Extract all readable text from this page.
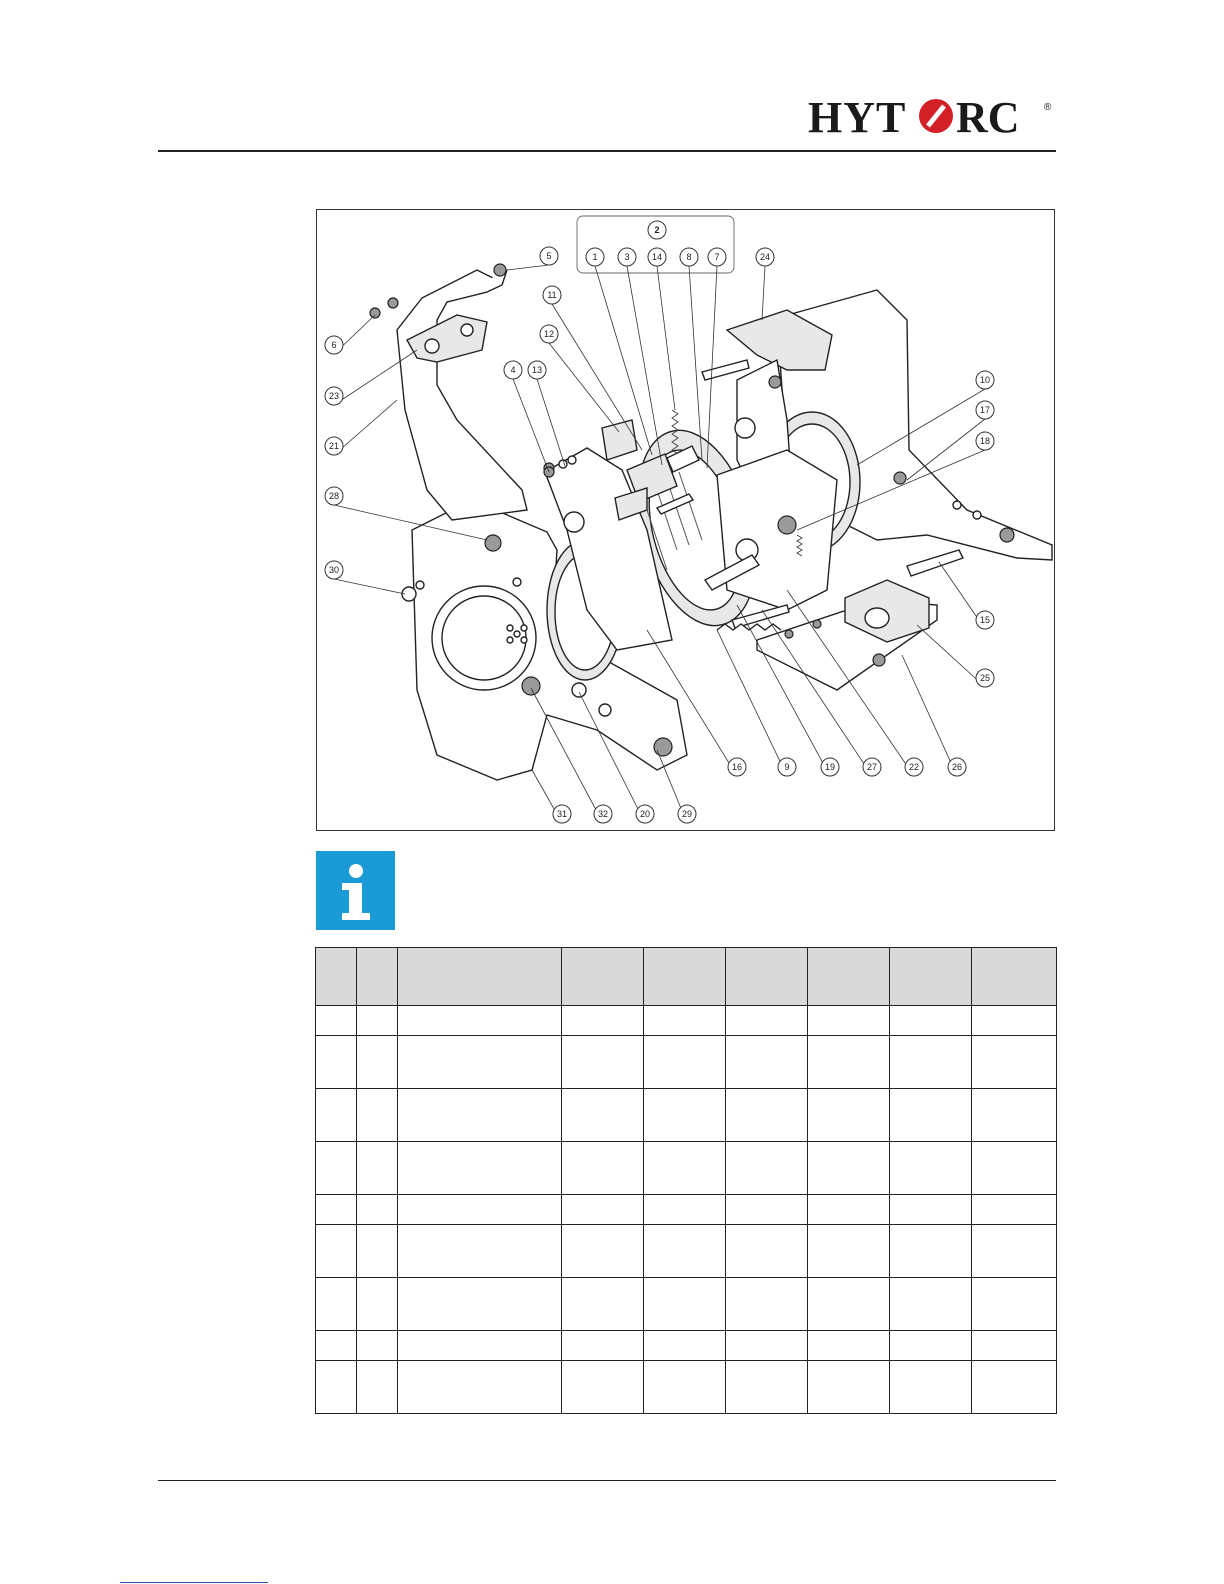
HYT RC ®
2
1	3 14	8	7
5
6
23
21
24
11
12
4 13
10
17
18
28
30
15
25
26
16	9	19	27	22
31	32	20	29
